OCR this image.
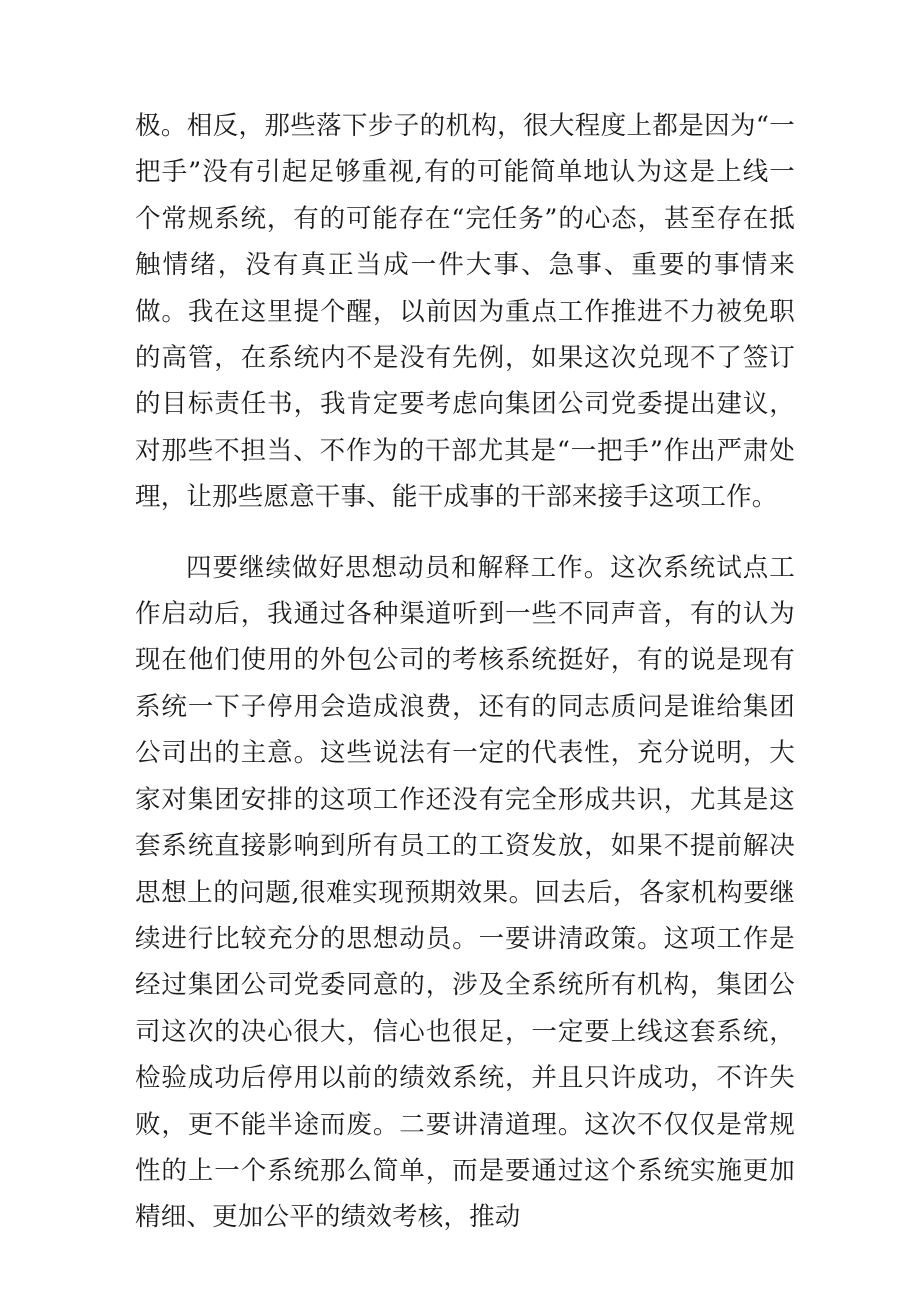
极。相反，那些落下步子的机构，很大程度上都是因为“一把手”没有引起足够重视,有的可能简单地认为这是上线一个常规系统，有的可能存在“完任务”的心态，甚至存在抵触情绪，没有真正当成一件大事、急事、重要的事情来做。我在这里提个醒，以前因为重点工作推进不力被免职的高管，在系统内不是没有先例，如果这次兑现不了签订的目标责任书，我肯定要考虑向集团公司党委提出建议，对那些不担当、不作为的干部尤其是“一把手”作出严肃处理，让那些愿意干事、能干成事的干部来接手这项工作。

四要继续做好思想动员和解释工作。这次系统试点工作启动后，我通过各种渠道听到一些不同声音，有的认为现在他们使用的外包公司的考核系统挺好，有的说是现有系统一下子停用会造成浪费，还有的同志质问是谁给集团公司出的主意。这些说法有一定的代表性，充分说明，大家对集团安排的这项工作还没有完全形成共识，尤其是这套系统直接影响到所有员工的工资发放，如果不提前解决思想上的问题,很难实现预期效果。回去后，各家机构要继续进行比较充分的思想动员。一要讲清政策。这项工作是经过集团公司党委同意的，涉及全系统所有机构，集团公司这次的决心很大，信心也很足，一定要上线这套系统，检验成功后停用以前的绩效系统，并且只许成功，不许失败，更不能半途而废。二要讲清道理。这次不仅仅是常规性的上一个系统那么简单，而是要通过这个系统实施更加精细、更加公平的绩效考核，推动
